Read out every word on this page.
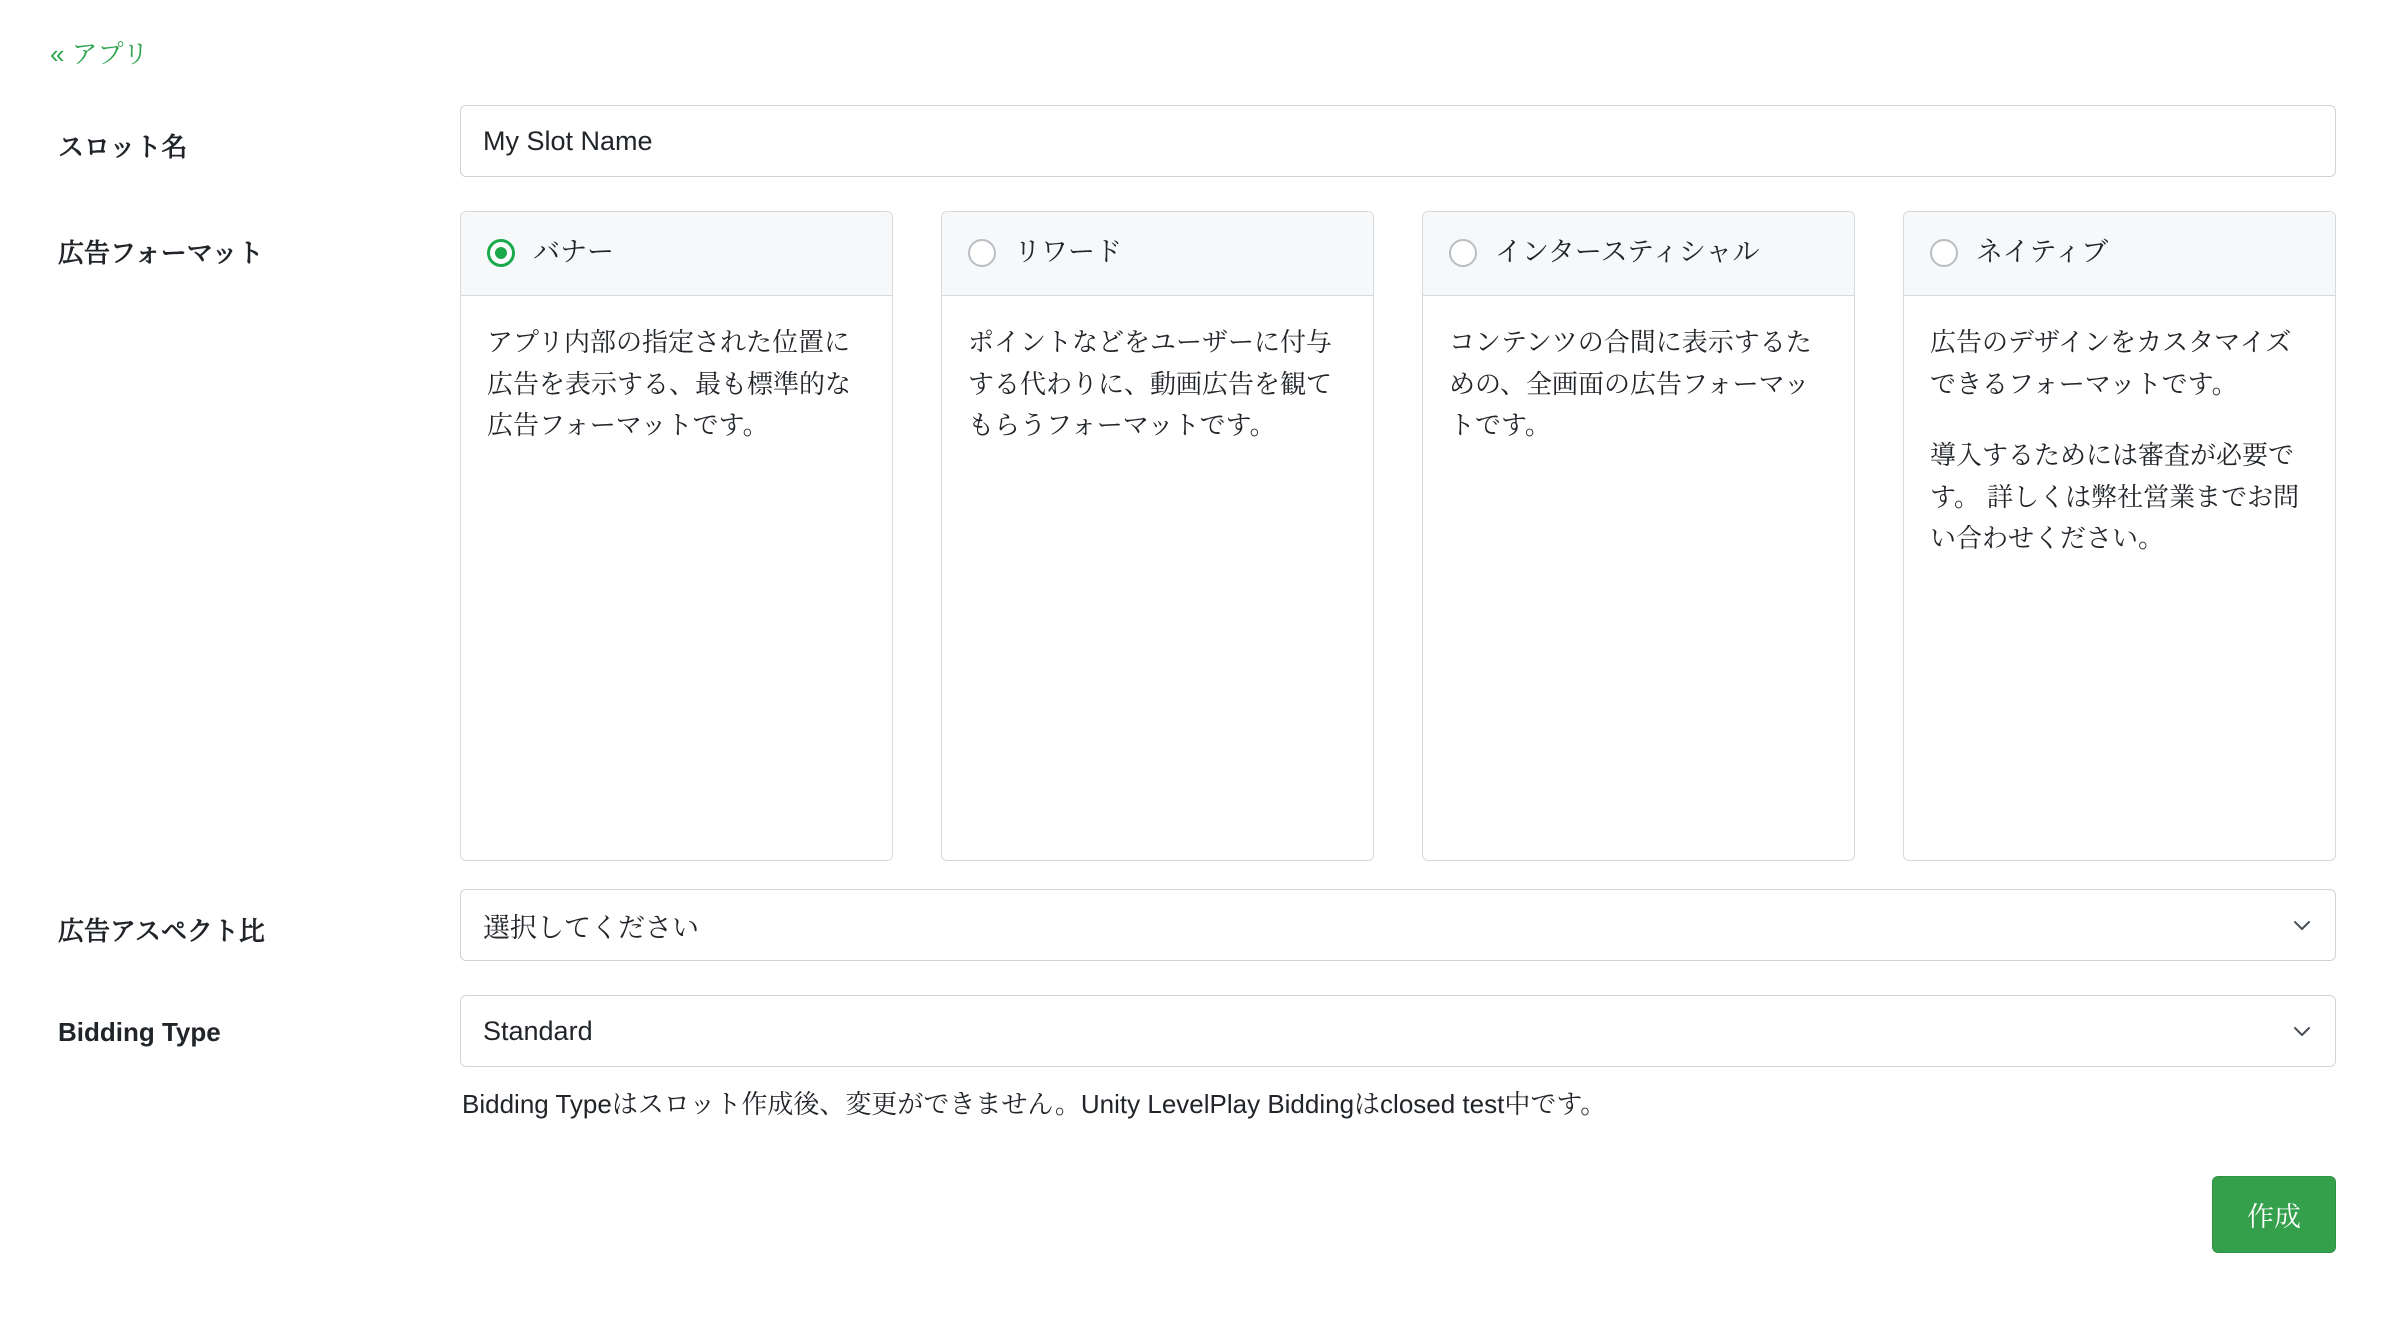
« アプリ
スロット名
My Slot Name
広告フォーマット	バナー

アプリ内部の指定された位置に広告を表示する、最も標準的な広告フォーマットです。

リワード

ポイントなどをユーザーに付与する代わりに、動画広告を観てもらうフォーマットです。

インタースティシャル

コンテンツの合間に表示するための、全画面の広告フォーマットです。

ネイティブ

広告のデザインをカスタマイズできるフォーマットです。

導入するためには審査が必要です。 詳しくは弊社営業までお問い合わせください。

広告アスペクト比	選択してください
Bidding Type	Standard
Bidding Typeはスロット作成後、変更ができません。Unity LevelPlay Biddingはclosed test中です。
作成
